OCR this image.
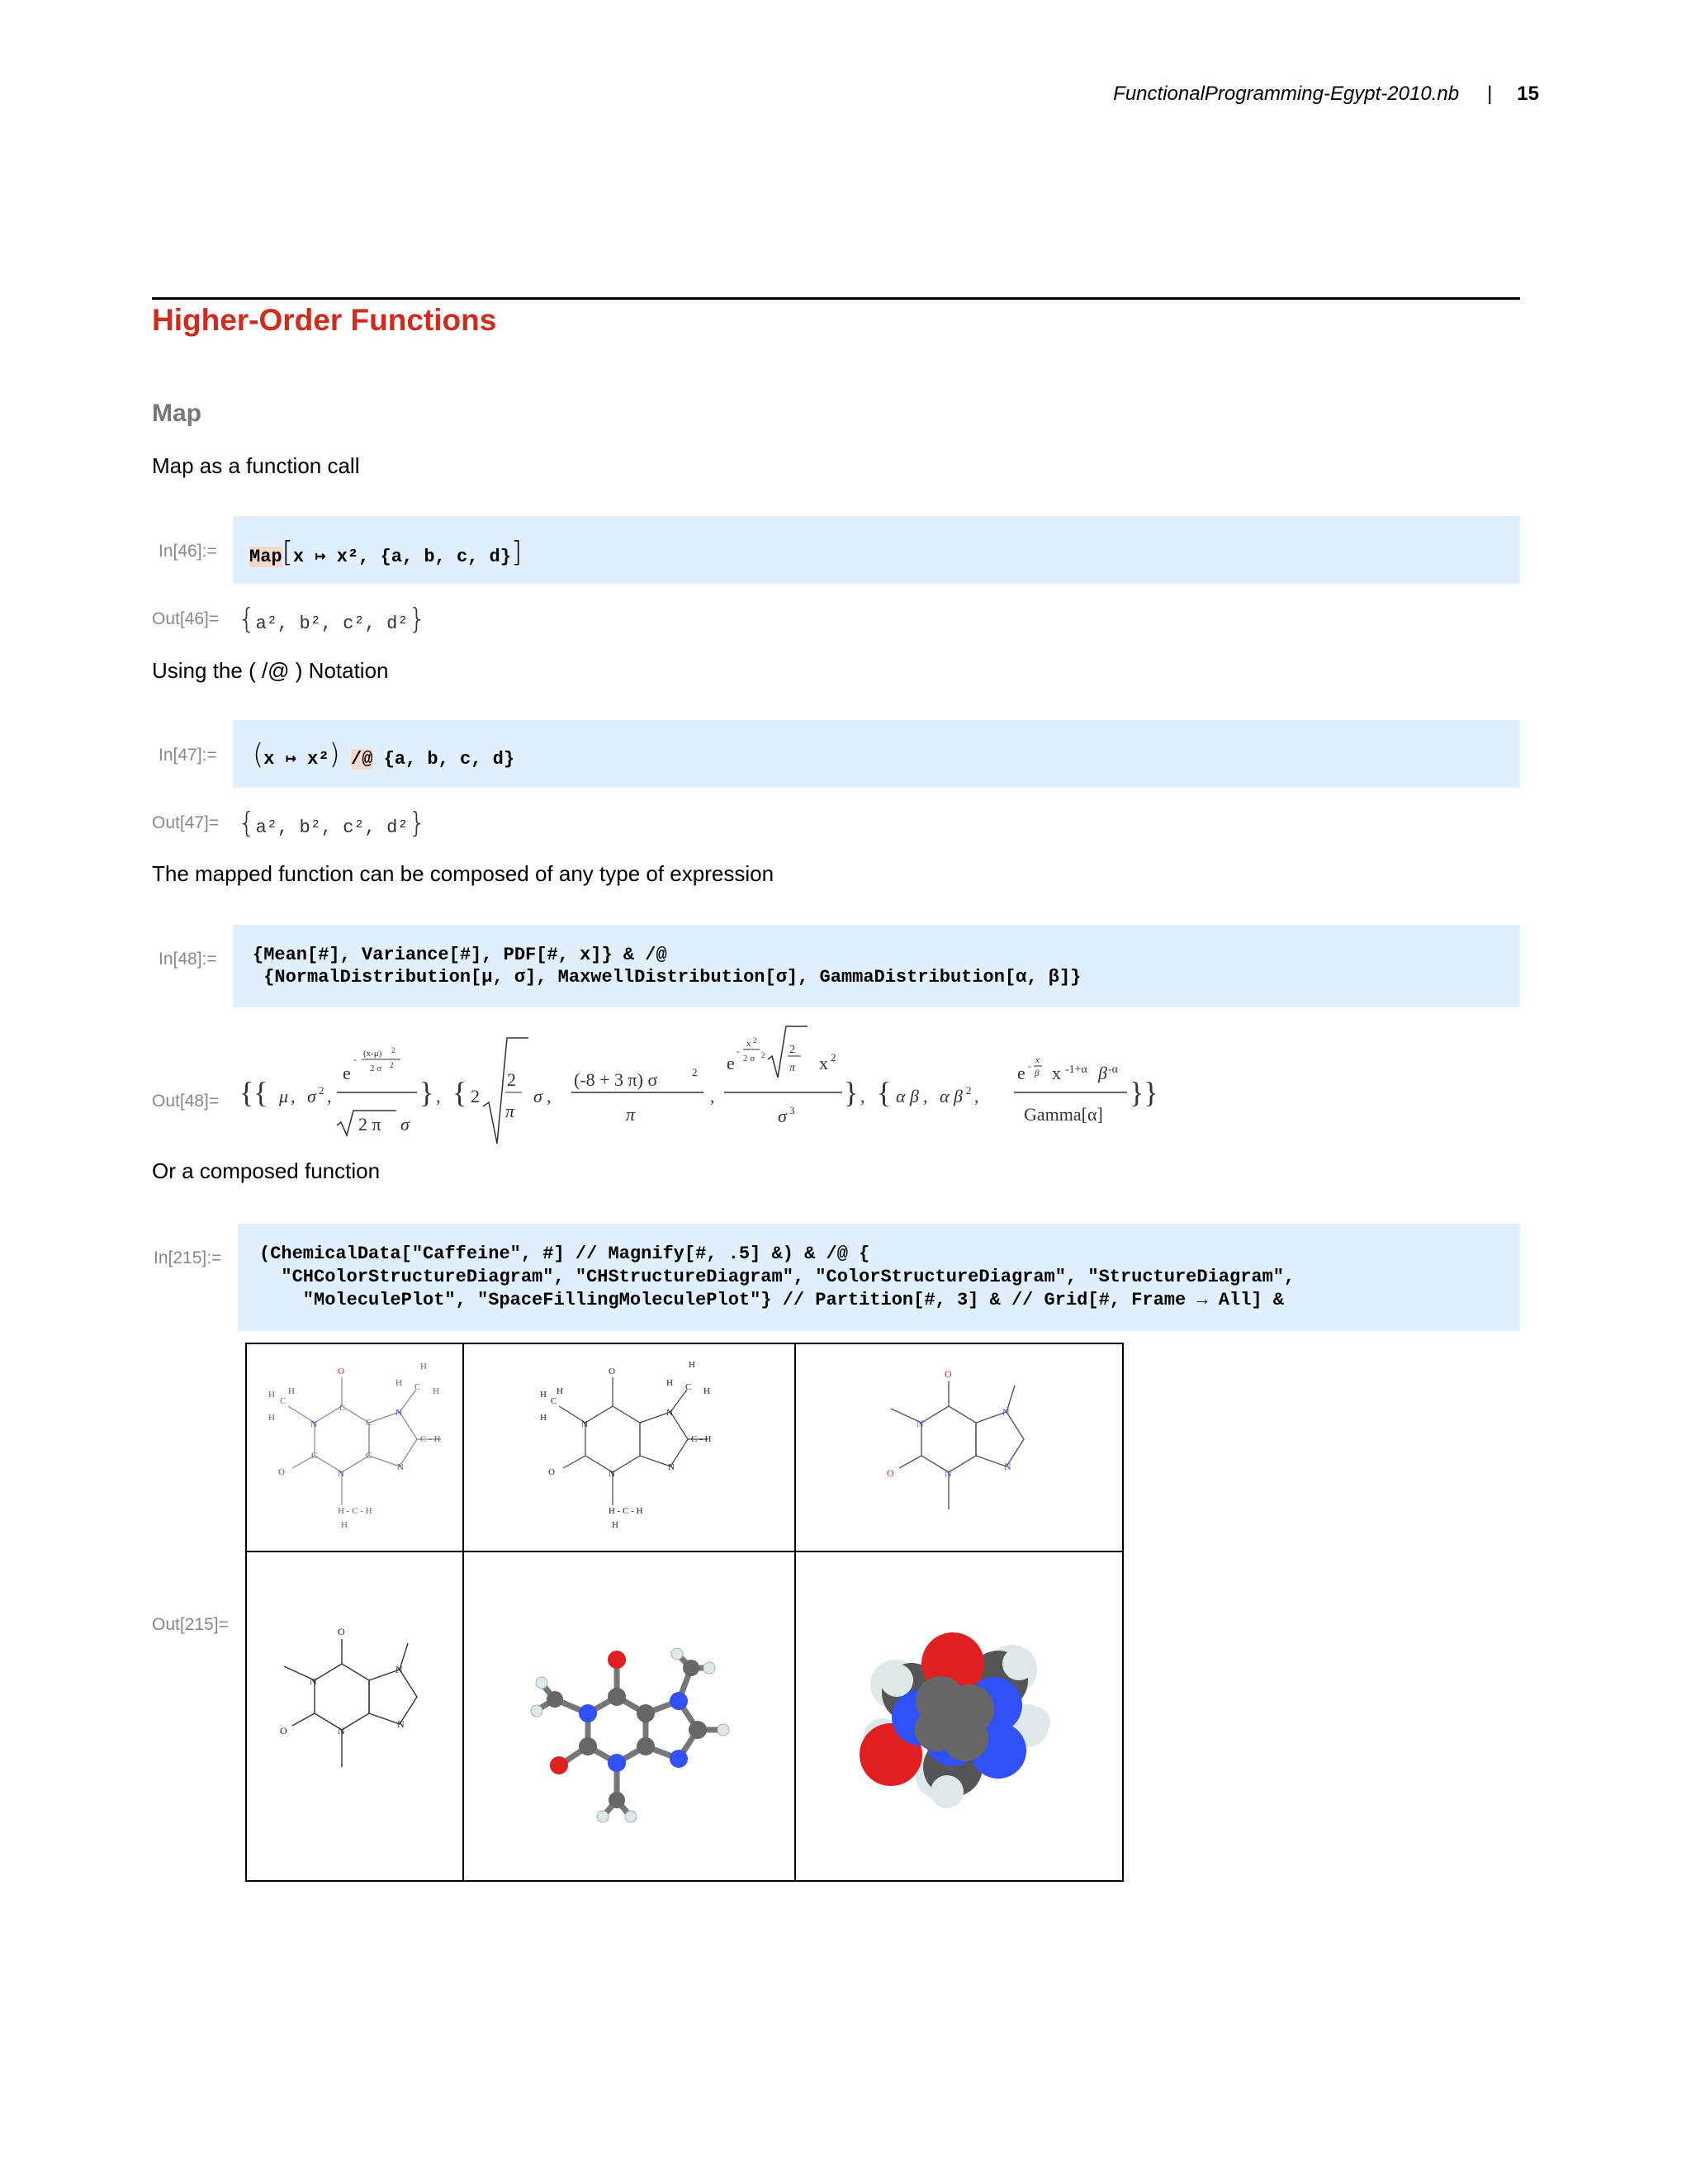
FunctionalProgramming-Egypt-2010.nb | 15
Higher-Order Functions
Map
Map as a function call
In[46]:= Map[x ↦ x², {a, b, c, d}]
Out[46]= {a², b², c², d²}
Using the ( /@ ) Notation
In[47]:= (x ↦ x²) /@ {a, b, c, d}
Out[47]= {a², b², c², d²}
The mapped function can be composed of any type of expression
In[48]:= {Mean[#], Variance[#], PDF[#, x]} & /@
{NormalDistribution[μ, σ], MaxwellDistribution[σ], GammaDistribution[α, β]}
Out[48]= {{ μ , σ 2 ,
e
- (x-μ) 2
2 σ 2
2 π σ
} , { 2
2
π
σ ,
(-8 + 3 π) σ	2
π
,
e
-
x 2
2 σ 2 2
π x 2
σ 3
} , { α β , α β 2 ,
e - x
β x -1+α β -α
Gamma[α]
}}
Or a composed function
In[215]:= (ChemicalData["Caffeine", #] // Magnify[#, .5] &) & /@ {
"CHColorStructureDiagram", "CHStructureDiagram", "ColorStructureDiagram", "StructureDiagram",
"MoleculePlot", "SpaceFillingMoleculePlot"} // Partition[#, 3] & // Grid[#, Frame → All] &
Out[215]=
N
N
N
N
O
O
C
C
C
C
C
C
C - H
H - C - H
H H
H
H
H
H
H
O
O
N
N
N
N
C
C
C - H
H - C - H
H H
H
H
H
H
H
N
N
N
N
O
O
O
O
N
N
N
N
